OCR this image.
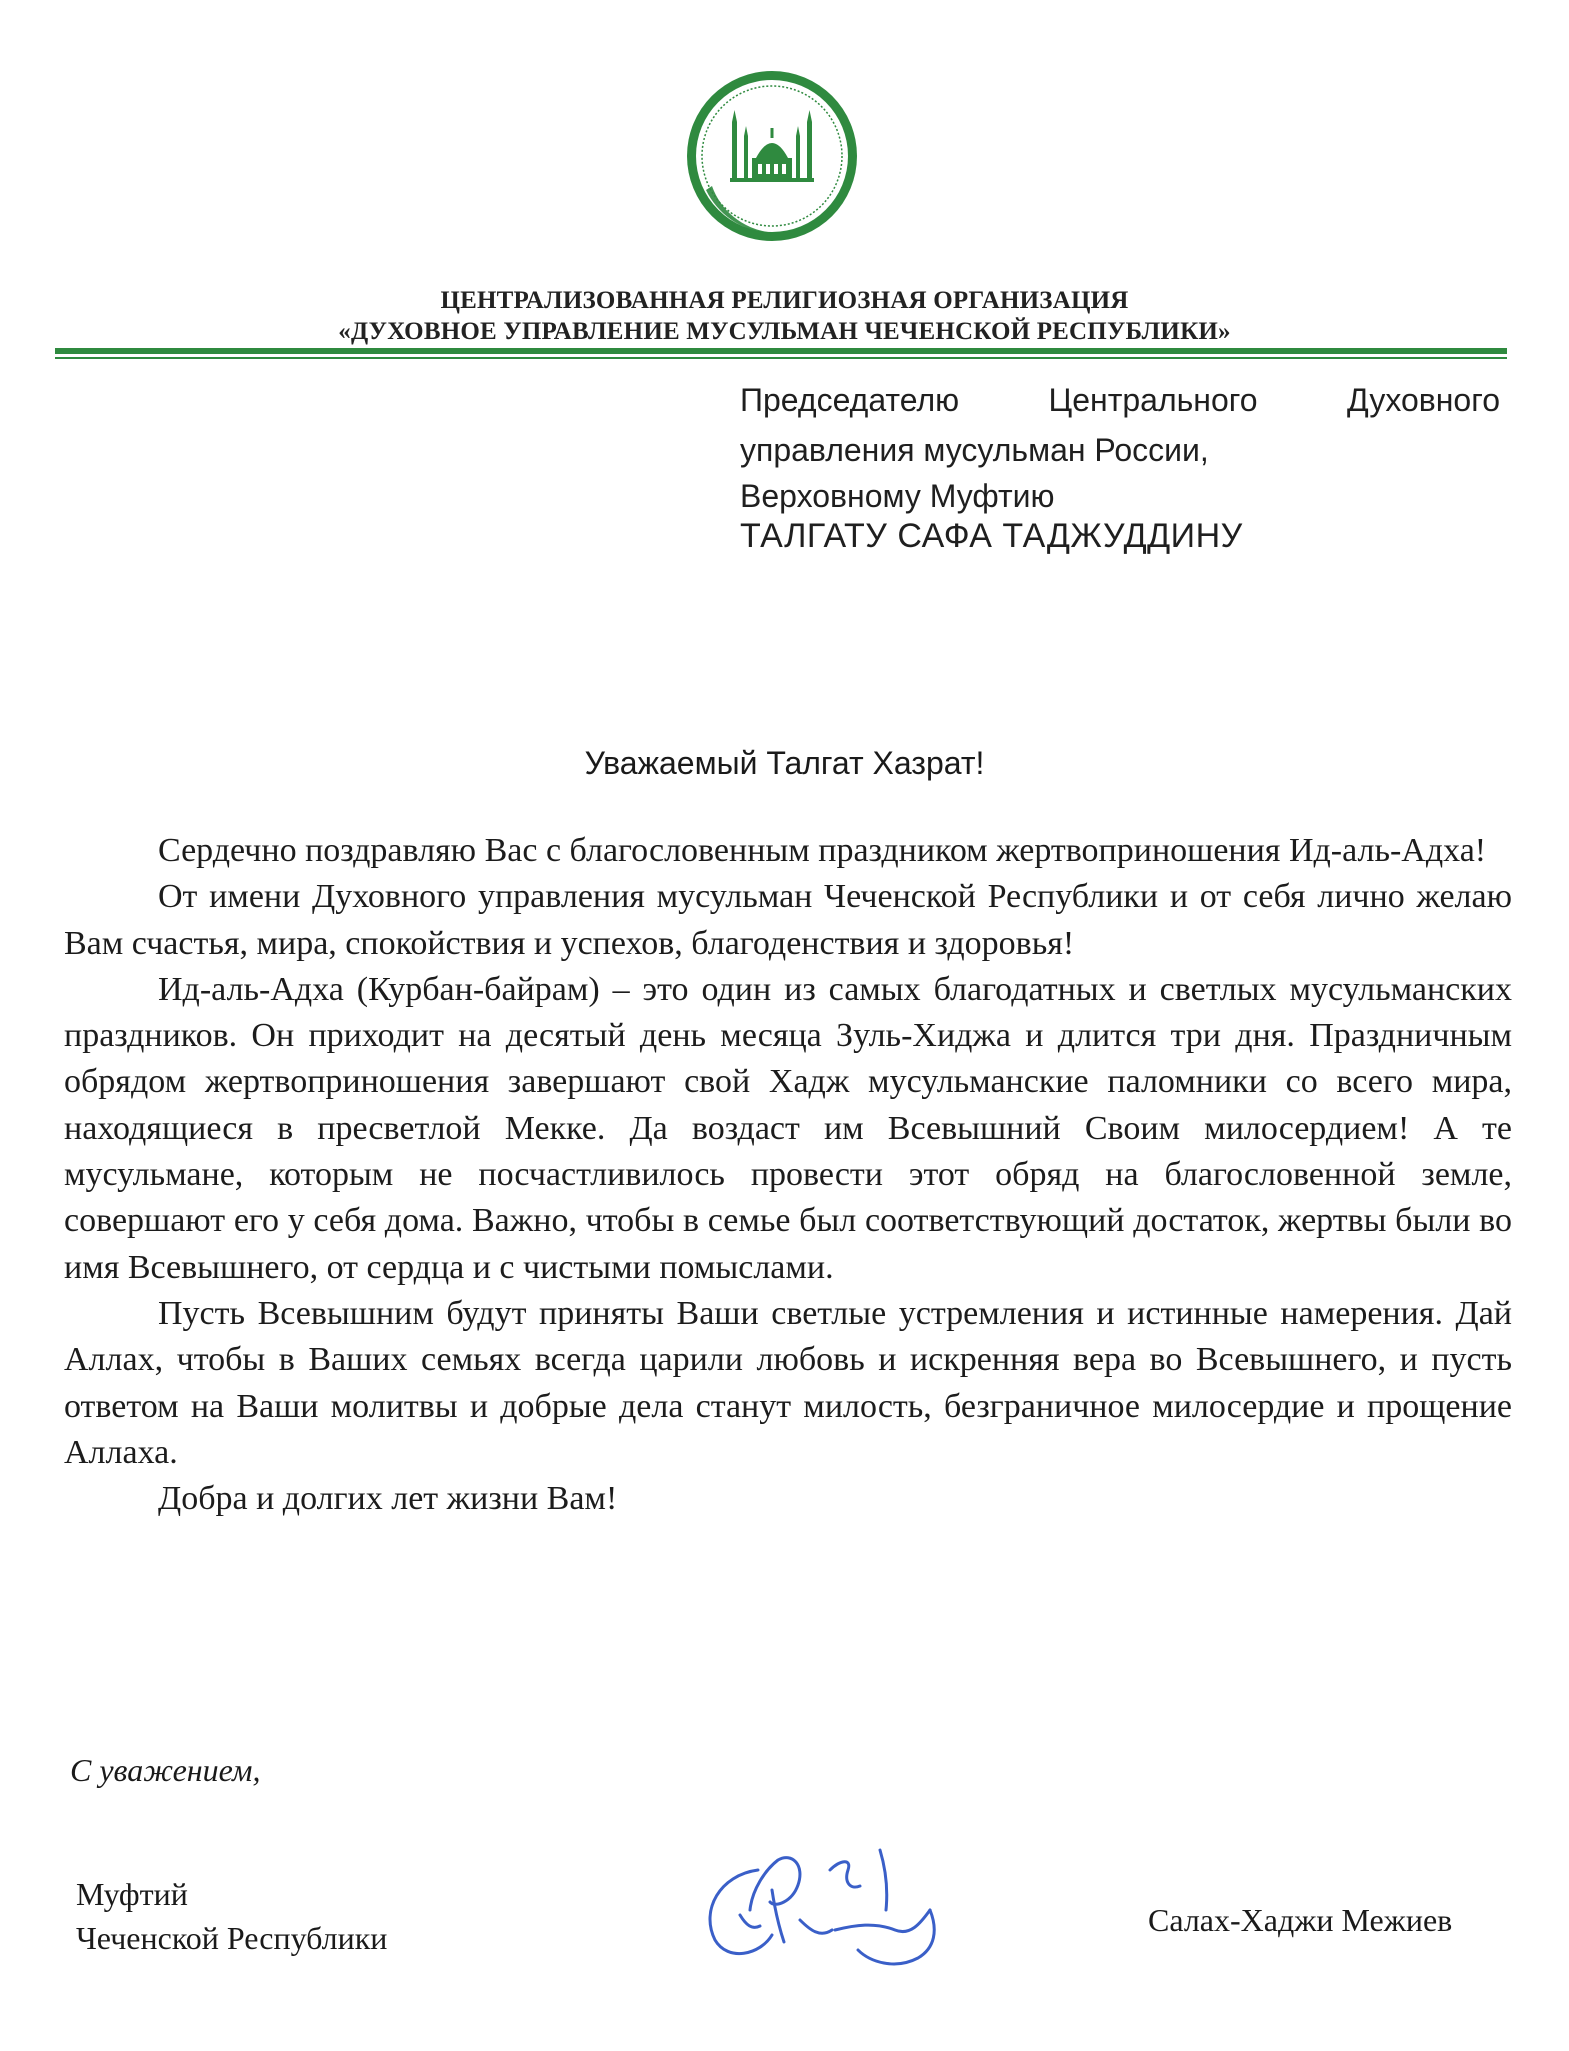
ЦЕНТРАЛИЗОВАННАЯ РЕЛИГИОЗНАЯ ОРГАНИЗАЦИЯ
«ДУХОВНОЕ УПРАВЛЕНИЕ МУСУЛЬМАН ЧЕЧЕНСКОЙ РЕСПУБЛИКИ»
Председателю	Центрального	Духовного
управления мусульман России,
Верховному Муфтию
ТАЛГАТУ САФА ТАДЖУДДИНУ
Уважаемый Талгат Хазрат!

Сердечно поздравляю Вас с благословенным праздником жертвоприношения Ид-аль-Адха!

От имени Духовного управления мусульман Чеченской Республики и от себя лично желаю Вам счастья, мира, спокойствия и успехов, благоденствия и здоровья!

Ид-аль-Адха (Курбан-байрам) – это один из самых благодатных и светлых мусульманских праздников. Он приходит на десятый день месяца Зуль-Хиджа и длится три дня. Праздничным обрядом жертвоприношения завершают свой Хадж мусульманские паломники со всего мира, находящиеся в пресветлой Мекке. Да воздаст им Всевышний Своим милосердием! А те мусульмане, которым не посчастливилось провести этот обряд на благословенной земле, совершают его у себя дома. Важно, чтобы в семье был соответствующий достаток, жертвы были во имя Всевышнего, от сердца и с чистыми помыслами.

Пусть Всевышним будут приняты Ваши светлые устремления и истинные намерения. Дай Аллах, чтобы в Ваших семьях всегда царили любовь и искренняя вера во Всевышнего, и пусть ответом на Ваши молитвы и добрые дела станут милость, безграничное милосердие и прощение Аллаха.

Добра и долгих лет жизни Вам!

С уважением,
Муфтий
Чеченской Республики	Салах-Хаджи Межиев
